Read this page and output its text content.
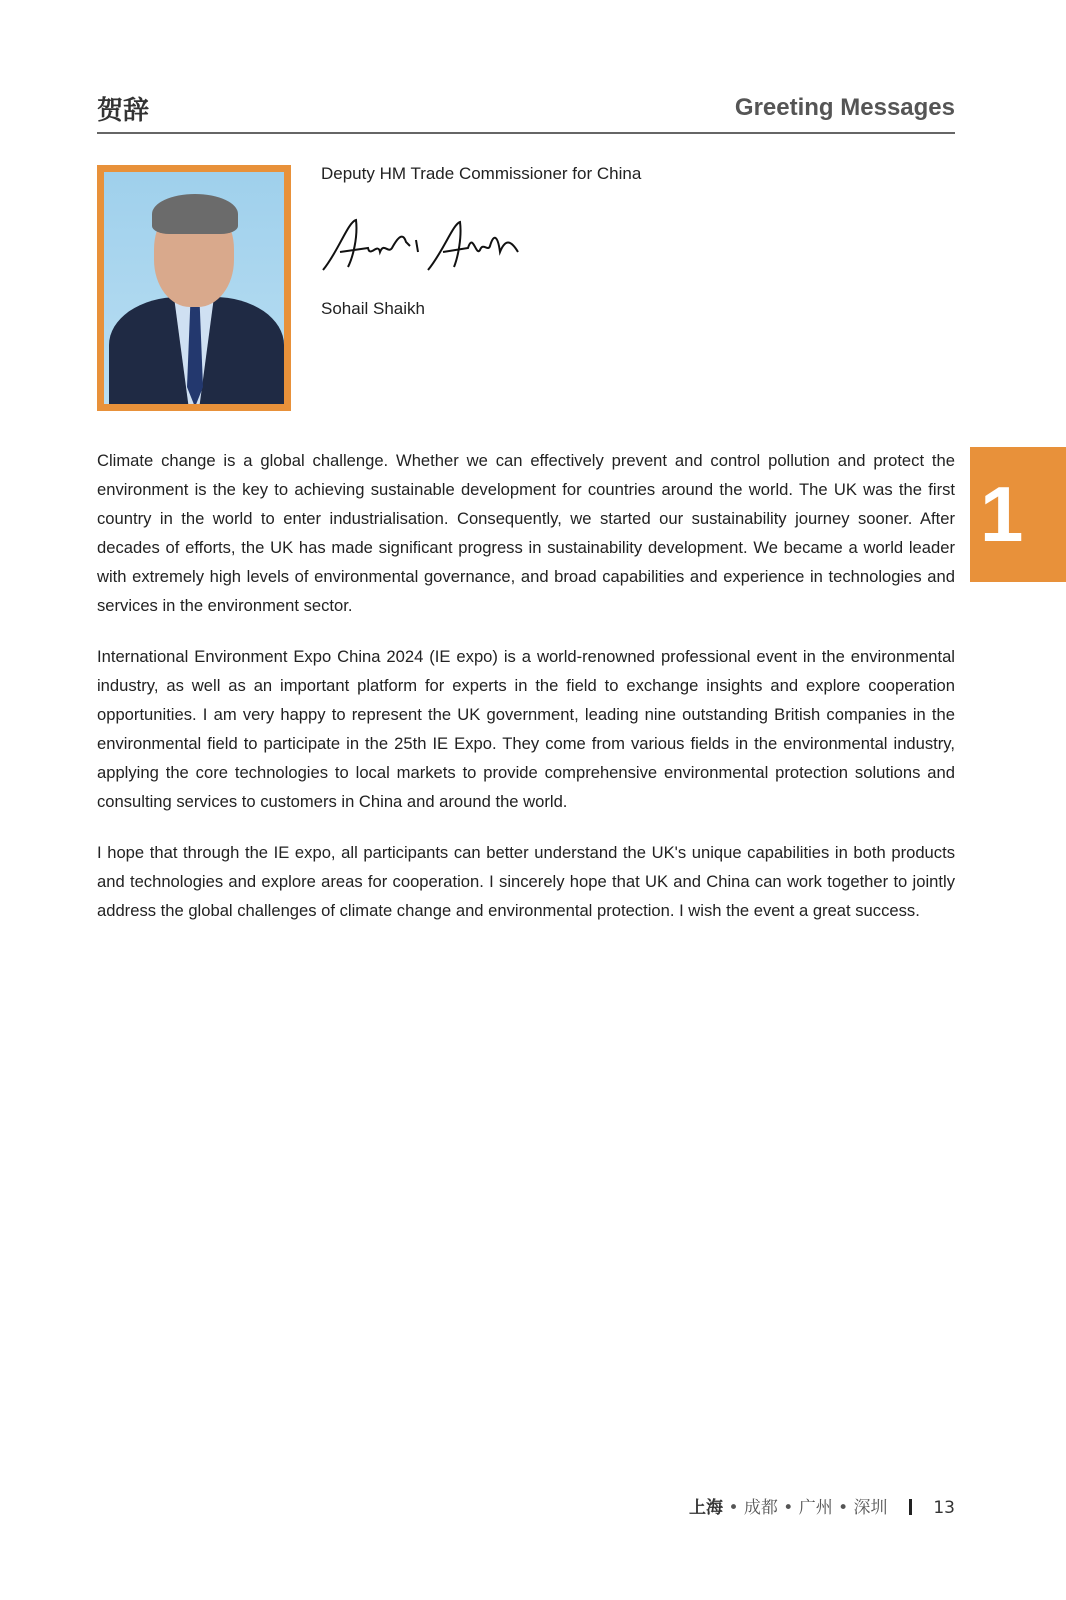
贺辞	Greeting Messages
Deputy HM Trade Commissioner for China
Sohail Shaikh

Climate change is a global challenge. Whether we can effectively prevent and control pollution and protect the environment is the key to achieving sustainable development for countries around the world. The UK was the first country in the world to enter industrialisation. Consequently, we started our sustainability journey sooner. After decades of efforts, the UK has made significant progress in sustainability development. We became a world leader with extremely high levels of environmental governance, and broad capabilities and experience in technologies and services in the environment sector.

International Environment Expo China 2024 (IE expo) is a world-renowned professional event in the environmental industry, as well as an important platform for experts in the field to exchange insights and explore cooperation opportunities. I am very happy to represent the UK government, leading nine outstanding British companies in the environmental field to participate in the 25th IE Expo. They come from various fields in the environmental industry, applying the core technologies to local markets to provide comprehensive environmental protection solutions and consulting services to customers in China and around the world.

I hope that through the IE expo, all participants can better understand the UK's unique capabilities in both products and technologies and explore areas for cooperation. I sincerely hope that UK and China can work together to jointly address the global challenges of climate change and environmental protection. I wish the event a great success.

1
上海 • 成都 • 广州 • 深圳	13
